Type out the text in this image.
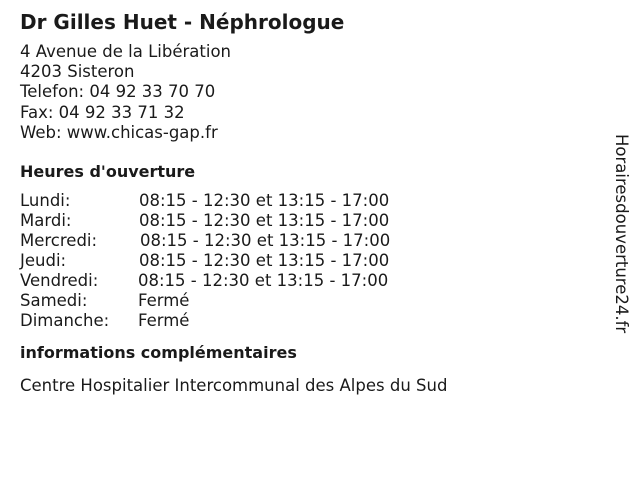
Dr Gilles Huet - Néphrologue
4 Avenue de la Libération
4203 Sisteron
Telefon: 04 92 33 70 70
Fax: 04 92 33 71 32
Web: www.chicas-gap.fr
Heures d'ouverture
Lundi:	08:15 - 12:30 et 13:15 - 17:00
Mardi:	08:15 - 12:30 et 13:15 - 17:00
Mercredi:	08:15 - 12:30 et 13:15 - 17:00
Jeudi:	08:15 - 12:30 et 13:15 - 17:00
Vendredi: 08:15 - 12:30 et 13:15 - 17:00
Samedi:	Fermé
Dimanche: Fermé
informations complémentaires
Centre Hospitalier Intercommunal des Alpes du Sud
Horairesdouverture24.fr
